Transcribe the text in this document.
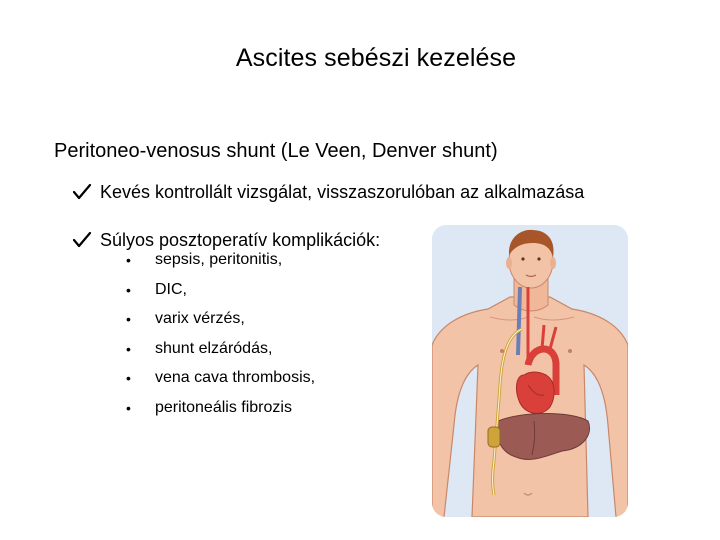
Ascites sebészi kezelése
Peritoneo-venosus shunt (Le Veen, Denver shunt)
Kevés kontrollált vizsgálat, visszaszorulóban az alkalmazása
Súlyos posztoperatív komplikációk:
•	sepsis, peritonitis,
•	DIC,
•	varix vérzés,
•	shunt elzáródás,
•	vena cava thrombosis,
•	peritoneális fibrozis
